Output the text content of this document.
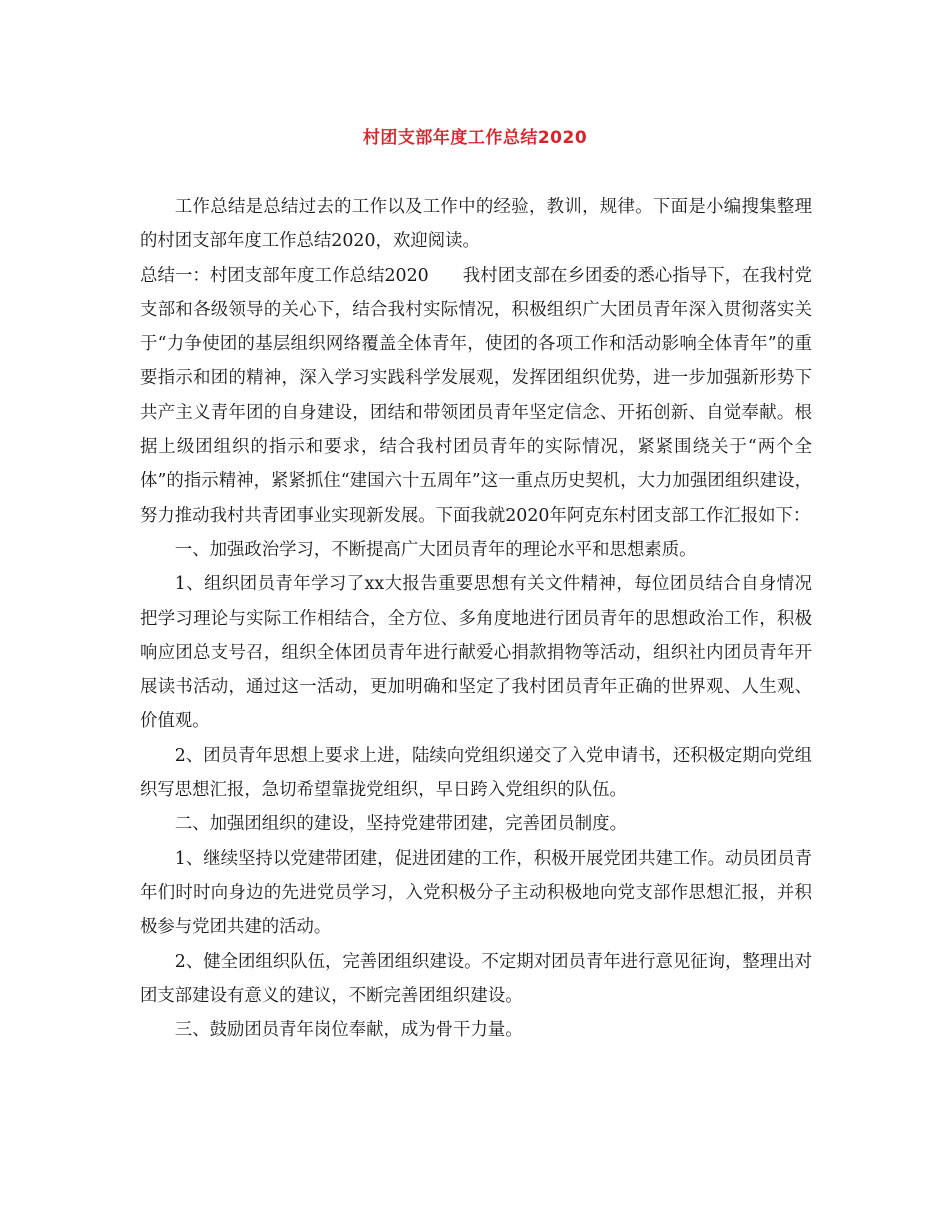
村团支部年度工作总结2020

工作总结是总结过去的工作以及工作中的经验，教训，规律。下面是小编搜集整理的村团支部年度工作总结2020，欢迎阅读。

总结一：村团支部年度工作总结2020 我村团支部在乡团委的悉心指导下，在我村党支部和各级领导的关心下，结合我村实际情况，积极组织广大团员青年深入贯彻落实关于“力争使团的基层组织网络覆盖全体青年，使团的各项工作和活动影响全体青年”的重要指示和团的精神，深入学习实践科学发展观，发挥团组织优势，进一步加强新形势下共产主义青年团的自身建设，团结和带领团员青年坚定信念、开拓创新、自觉奉献。根据上级团组织的指示和要求，结合我村团员青年的实际情况，紧紧围绕关于“两个全体”的指示精神，紧紧抓住“建国六十五周年”这一重点历史契机，大力加强团组织建设，努力推动我村共青团事业实现新发展。下面我就2020年阿克东村团支部工作汇报如下：

一、加强政治学习，不断提高广大团员青年的理论水平和思想素质。

1、组织团员青年学习了xx大报告重要思想有关文件精神，每位团员结合自身情况把学习理论与实际工作相结合，全方位、多角度地进行团员青年的思想政治工作，积极响应团总支号召，组织全体团员青年进行献爱心捐款捐物等活动，组织社内团员青年开展读书活动，通过这一活动，更加明确和坚定了我村团员青年正确的世界观、人生观、价值观。

2、团员青年思想上要求上进，陆续向党组织递交了入党申请书，还积极定期向党组织写思想汇报，急切希望靠拢党组织，早日跨入党组织的队伍。

二、加强团组织的建设，坚持党建带团建，完善团员制度。

1、继续坚持以党建带团建，促进团建的工作，积极开展党团共建工作。动员团员青年们时时向身边的先进党员学习，入党积极分子主动积极地向党支部作思想汇报，并积极参与党团共建的活动。

2、健全团组织队伍，完善团组织建设。不定期对团员青年进行意见征询，整理出对团支部建设有意义的建议，不断完善团组织建设。

三、鼓励团员青年岗位奉献，成为骨干力量。
